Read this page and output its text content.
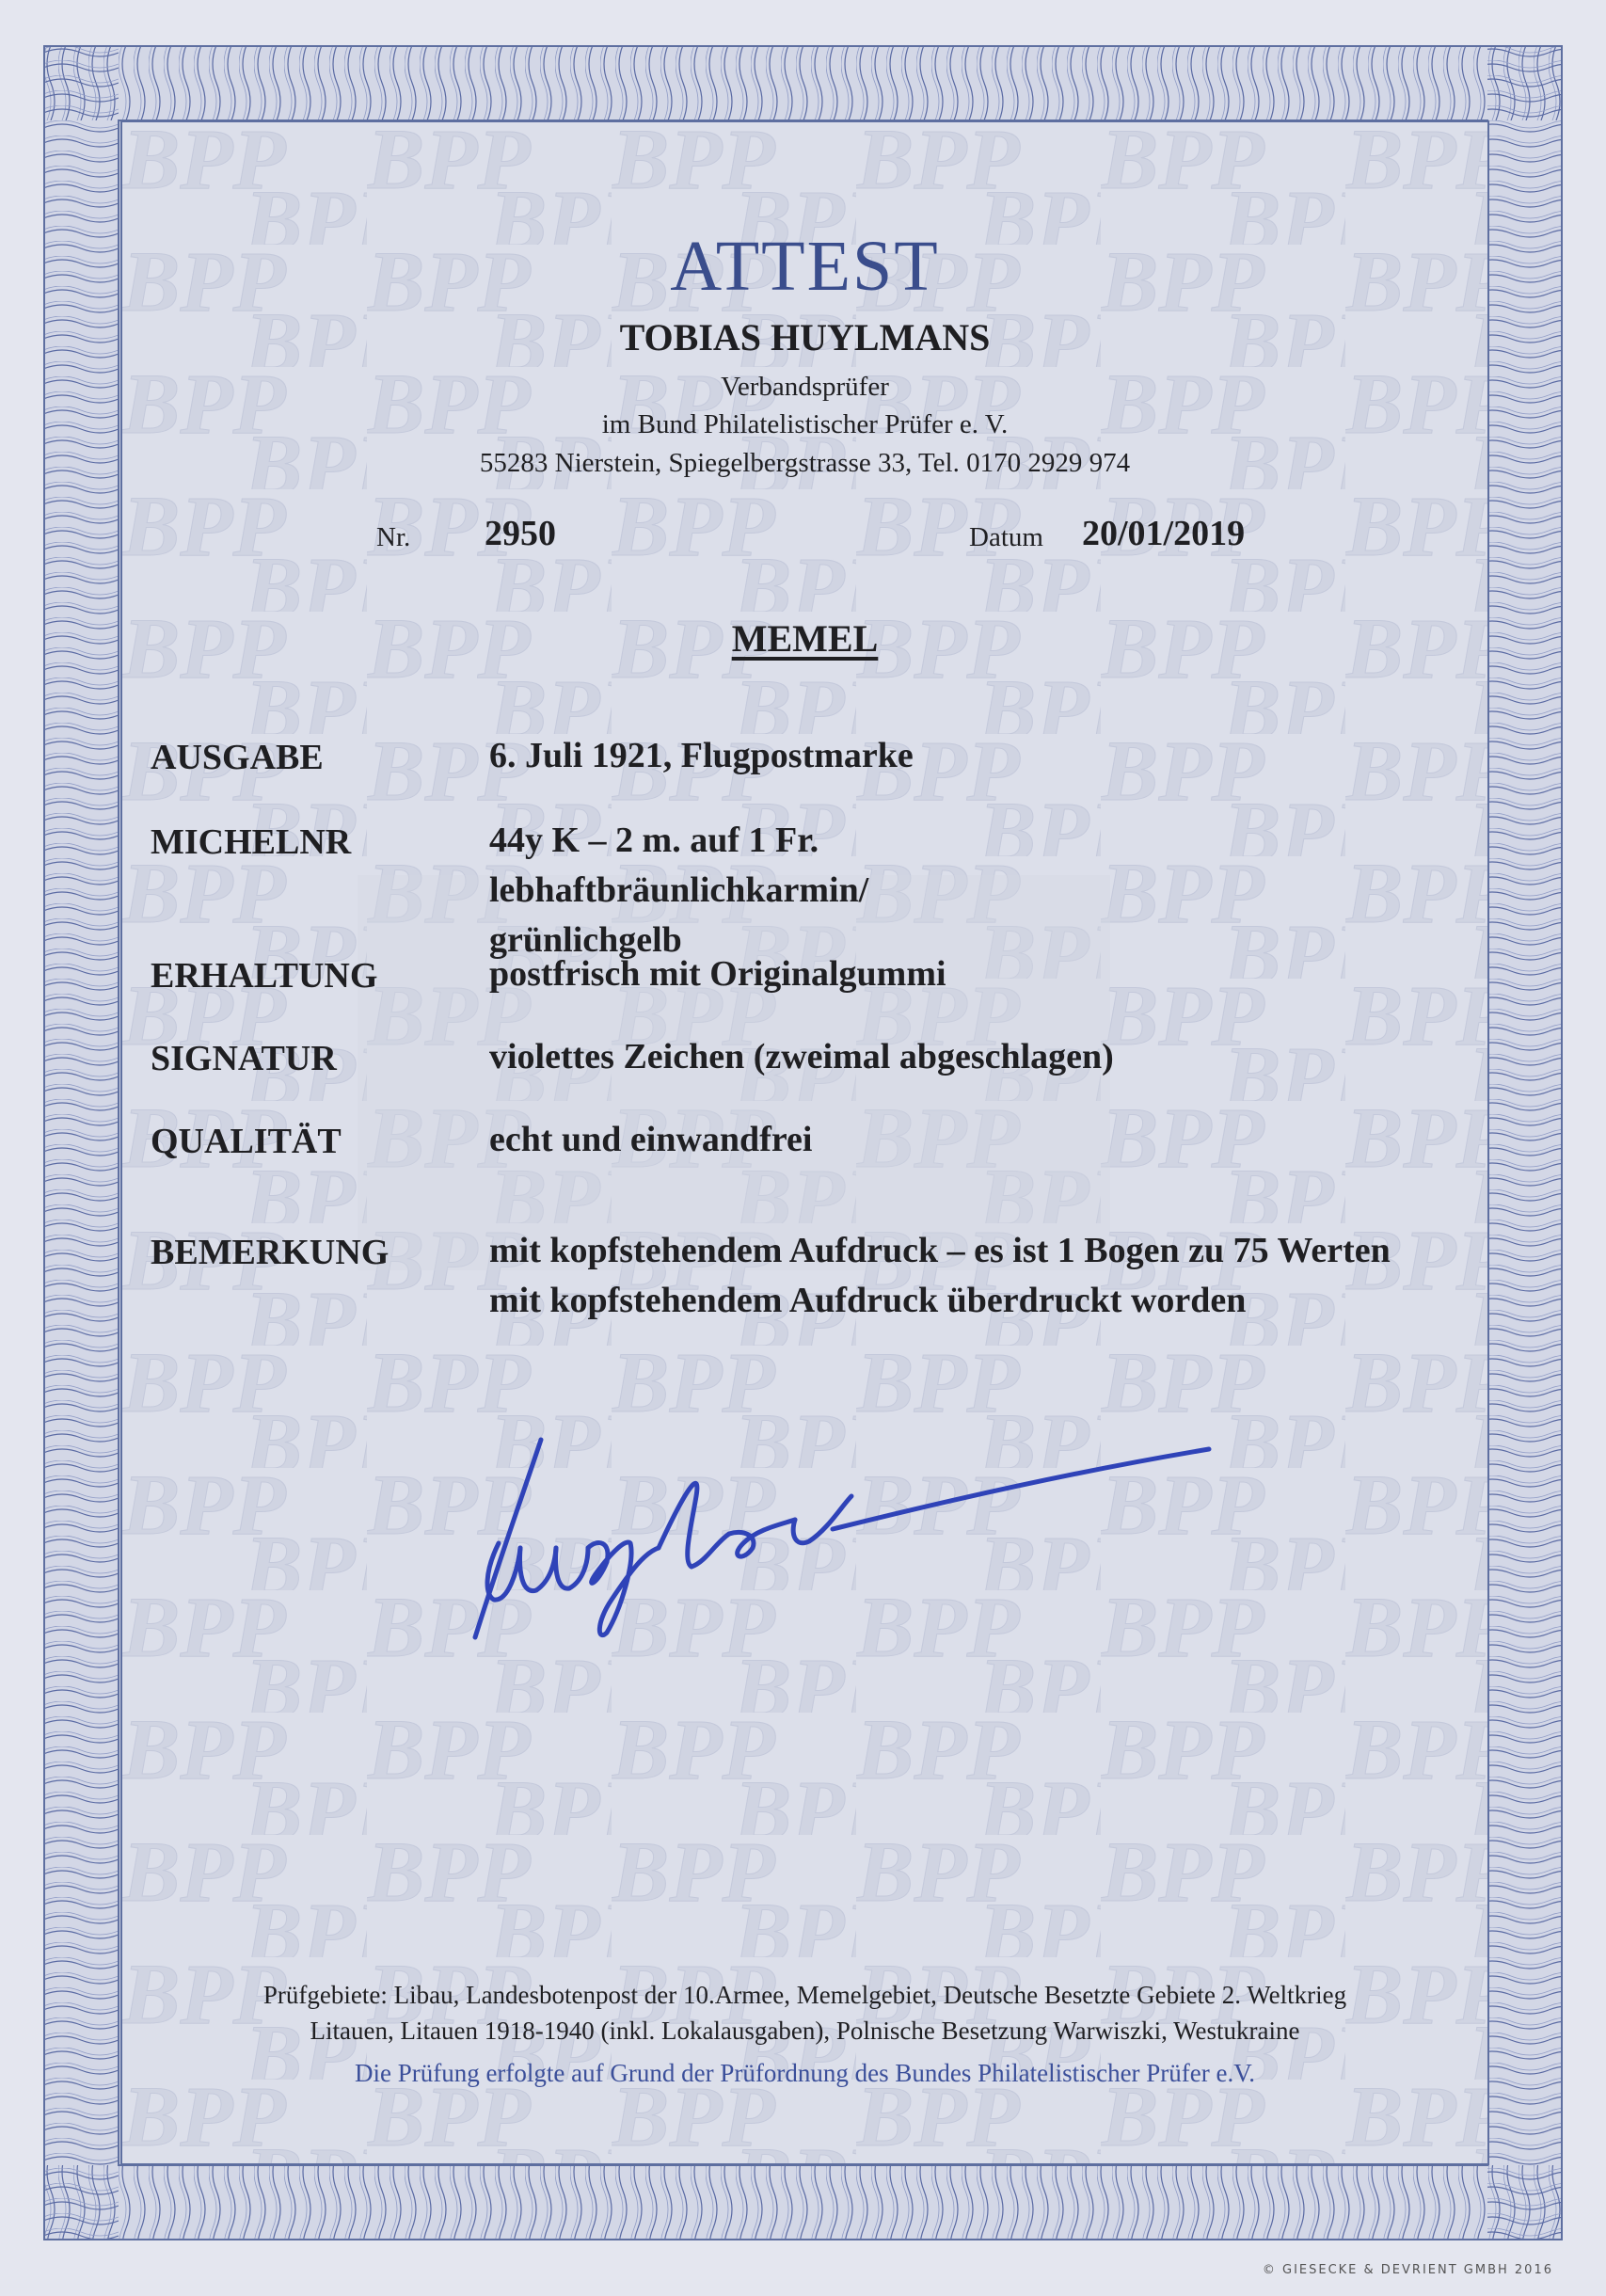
ATTEST
TOBIAS HUYLMANS
Verbandsprüfer
im Bund Philatelistischer Prüfer e. V.
55283 Nierstein, Spiegelbergstrasse 33, Tel. 0170 2929 974
Nr. 2950	Datum 20/01/2019
MEMEL
AUSGABE	6. Juli 1921, Flugpostmarke
MICHELNR	44y K – 2 m. auf 1 Fr. lebhaftbräunlichkarmin/ grünlichgelb
ERHALTUNG	postfrisch mit Originalgummi
SIGNATUR	violettes Zeichen (zweimal abgeschlagen)
QUALITÄT	echt und einwandfrei
BEMERKUNG	mit kopfstehendem Aufdruck – es ist 1 Bogen zu 75 Werten mit kopfstehendem Aufdruck überdruckt worden
Prüfgebiete: Libau, Landesbotenpost der 10.Armee, Memelgebiet, Deutsche Besetzte Gebiete 2. Weltkrieg
Litauen, Litauen 1918-1940 (inkl. Lokalausgaben), Polnische Besetzung Warwiszki, Westukraine
Die Prüfung erfolgte auf Grund der Prüfordnung des Bundes Philatelistischer Prüfer e.V.
© GIESECKE & DEVRIENT GMBH 2016
